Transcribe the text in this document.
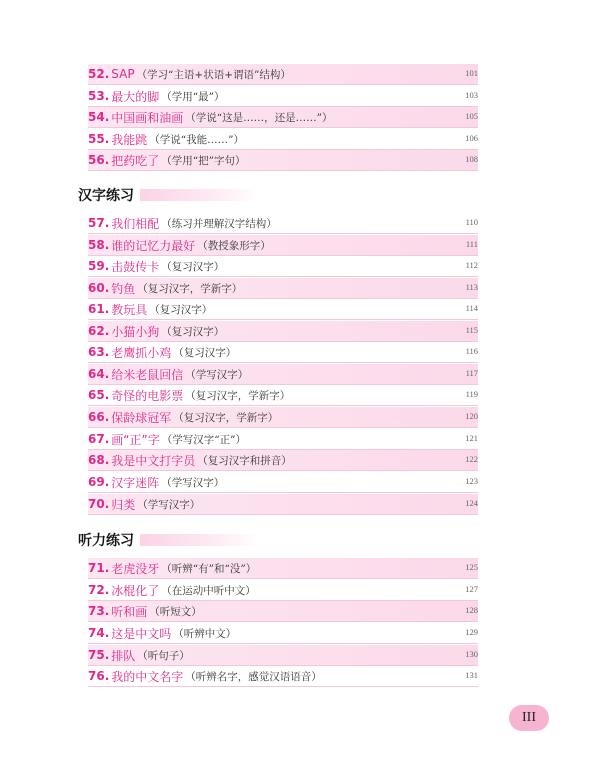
52. SAP （学习“主语+状语+谓语”结构）	101
53. 最大的脚 （学用“最”）	103
54. 中国画和油画 （学说“这是……，还是……”）	105
55. 我能跳 （学说“我能……”）	106
56. 把药吃了 （学用“把”字句）	108
汉字练习
57. 我们相配 （练习并理解汉字结构）	110
58. 谁的记忆力最好 （教授象形字）	111
59. 击鼓传卡 （复习汉字）	112
60. 钓鱼 （复习汉字，学新字）	113
61. 教玩具 （复习汉字）	114
62. 小猫小狗 （复习汉字）	115
63. 老鹰抓小鸡 （复习汉字）	116
64. 给米老鼠回信 （学写汉字）	117
65. 奇怪的电影票 （复习汉字，学新字）	119
66. 保龄球冠军 （复习汉字，学新字）	120
67. 画“正”字 （学写汉字“正”）	121
68. 我是中文打字员 （复习汉字和拼音）	122
69. 汉字迷阵 （学写汉字）	123
70. 归类 （学写汉字）	124
听力练习
71. 老虎没牙 （听辨“有”和“没”）	125
72. 冰棍化了 （在运动中听中文）	127
73. 听和画 （听短文）	128
74. 这是中文吗 （听辨中文）	129
75. 排队 （听句子）	130
76. 我的中文名字 （听辨名字，感觉汉语语音）	131
III
